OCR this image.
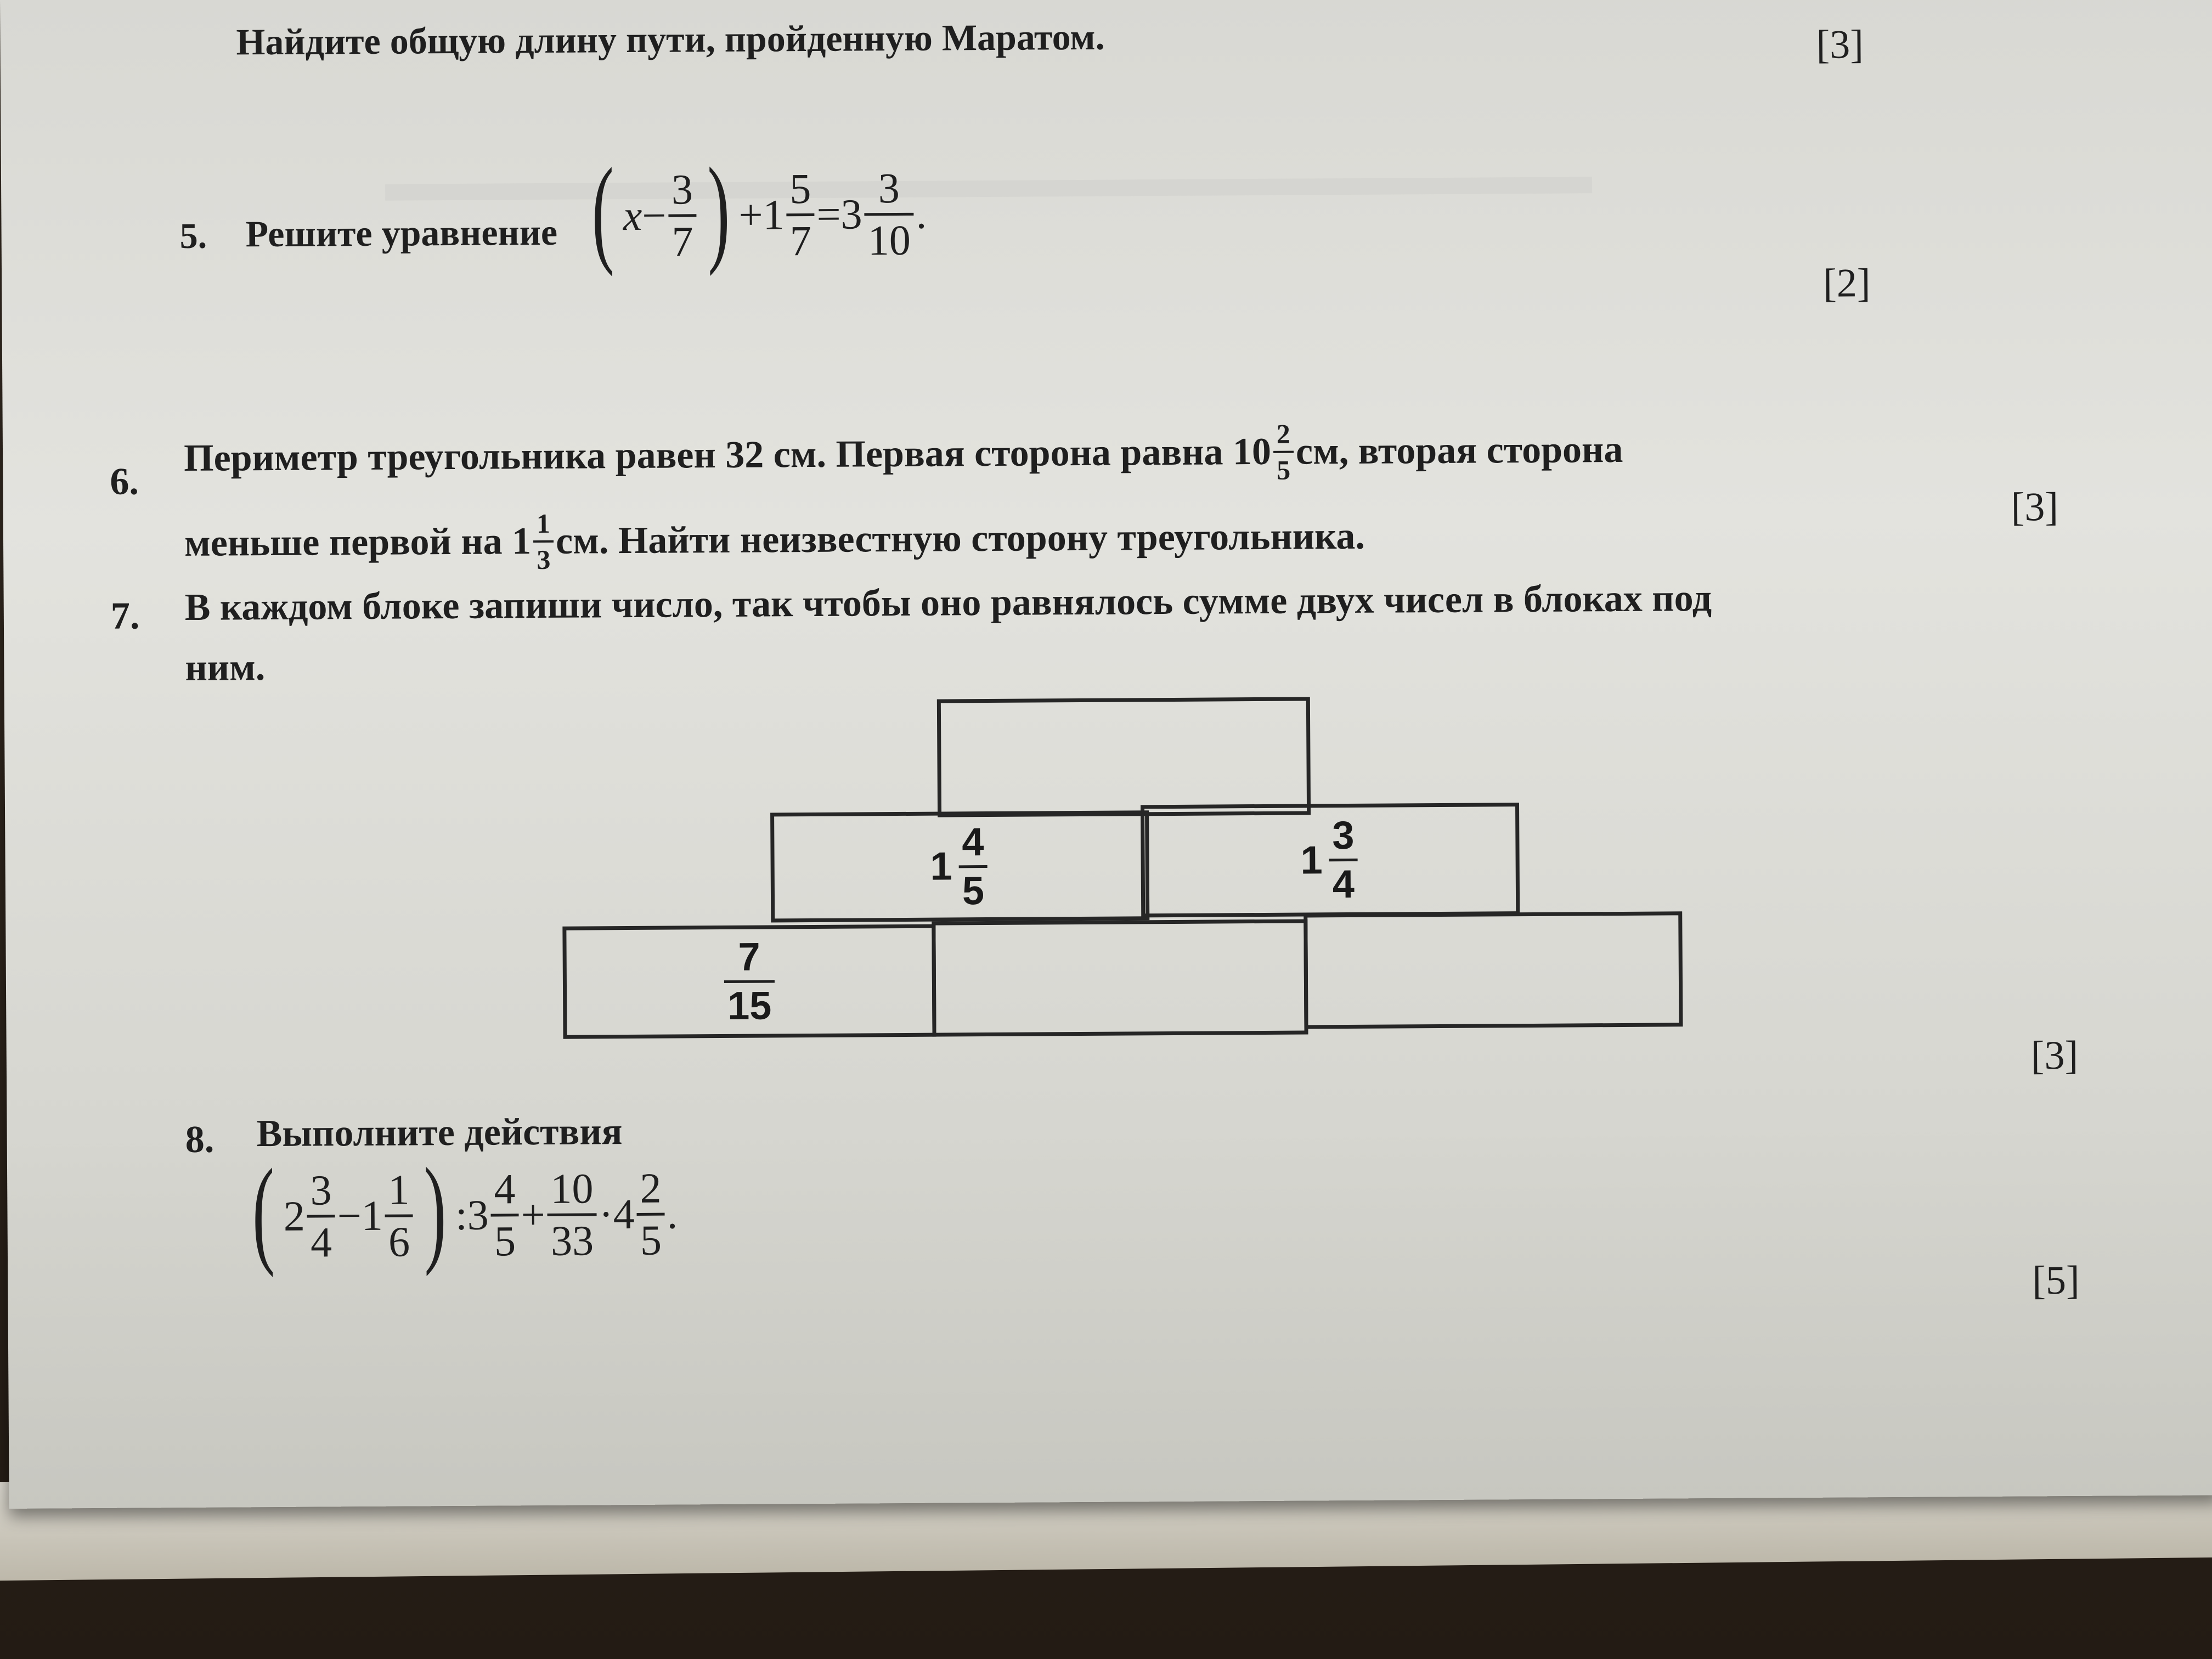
Найдите общую длину пути, пройденную Маратом.	[3]
5. Решите уравнение ( $x - \frac{3}{7}$ ) + $1 \frac{5}{7} = 3 \frac{3}{10}$ .
[2]
6.
Периметр треугольника равен 32 см. Первая сторона равна $10 \frac{2}{5}$ см, вторая сторона
меньше первой на $1 \frac{1}{3}$ см. Найти неизвестную сторону треугольника.
[3]
7. В каждом блоке запиши число, так чтобы оно равнялось сумме двух чисел в блоках под
ним.
$1 \frac{4}{5}$	$1 \frac{3}{4}$
$\frac{7}{15}$
[3]
8. Выполните действия
( $2 \frac{3}{4} - 1 \frac{1}{6}$ ) : $3 \frac{4}{5} + \frac{10}{33} \cdot 4 \frac{2}{5}$ .
[5]
